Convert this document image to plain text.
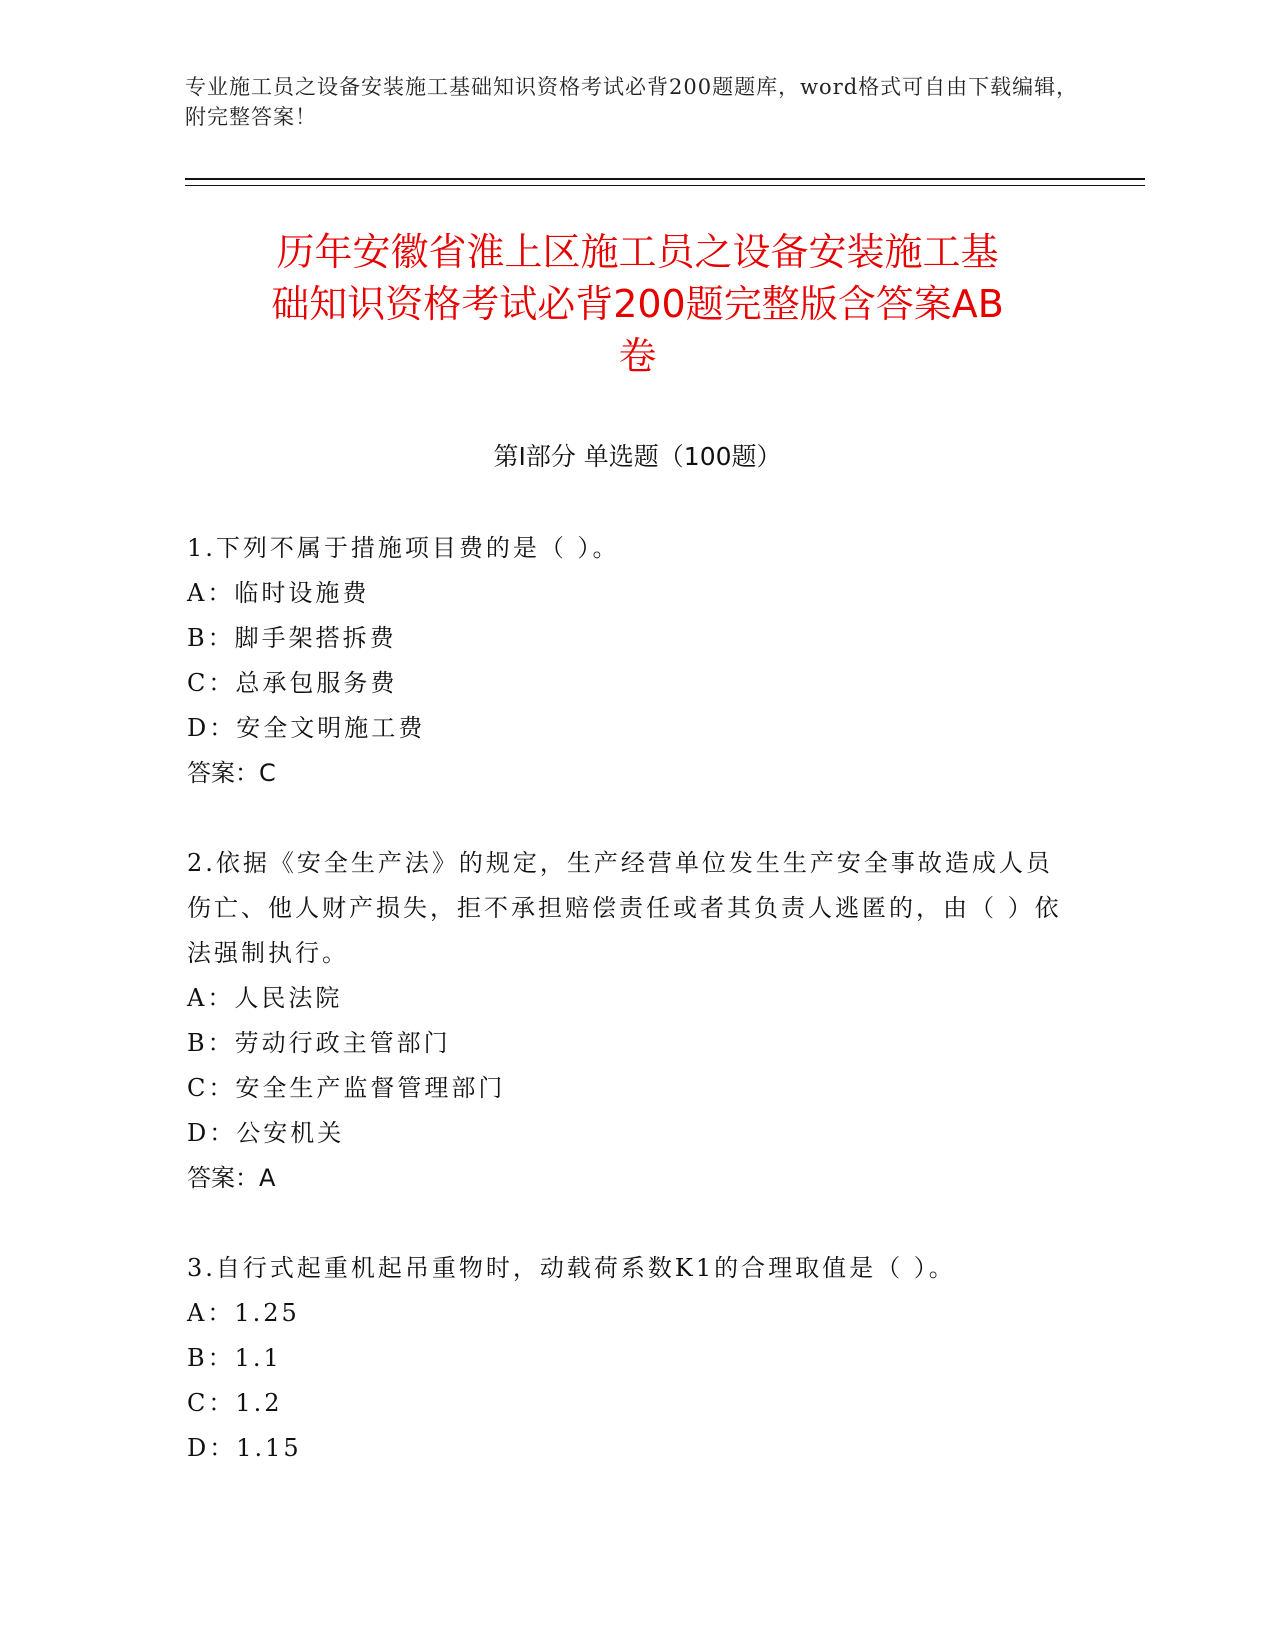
专业施工员之设备安装施工基础知识资格考试必背200题题库，word格式可自由下载编辑，附完整答案！
历年安徽省淮上区施工员之设备安装施工基
础知识资格考试必背200题完整版含答案AB
卷
第Ⅰ部分 单选题（100题）
1.下列不属于措施项目费的是（ ）。
A：临时设施费
B：脚手架搭拆费
C：总承包服务费
D：安全文明施工费
答案：C
2.依据《安全生产法》的规定，生产经营单位发生生产安全事故造成人员伤亡、他人财产损失，拒不承担赔偿责任或者其负责人逃匿的，由（ ）依法强制执行。
A：人民法院
B：劳动行政主管部门
C：安全生产监督管理部门
D：公安机关
答案：A
3.自行式起重机起吊重物时，动载荷系数K1的合理取值是（ ）。
A：1.25
B：1.1
C：1.2
D：1.15
